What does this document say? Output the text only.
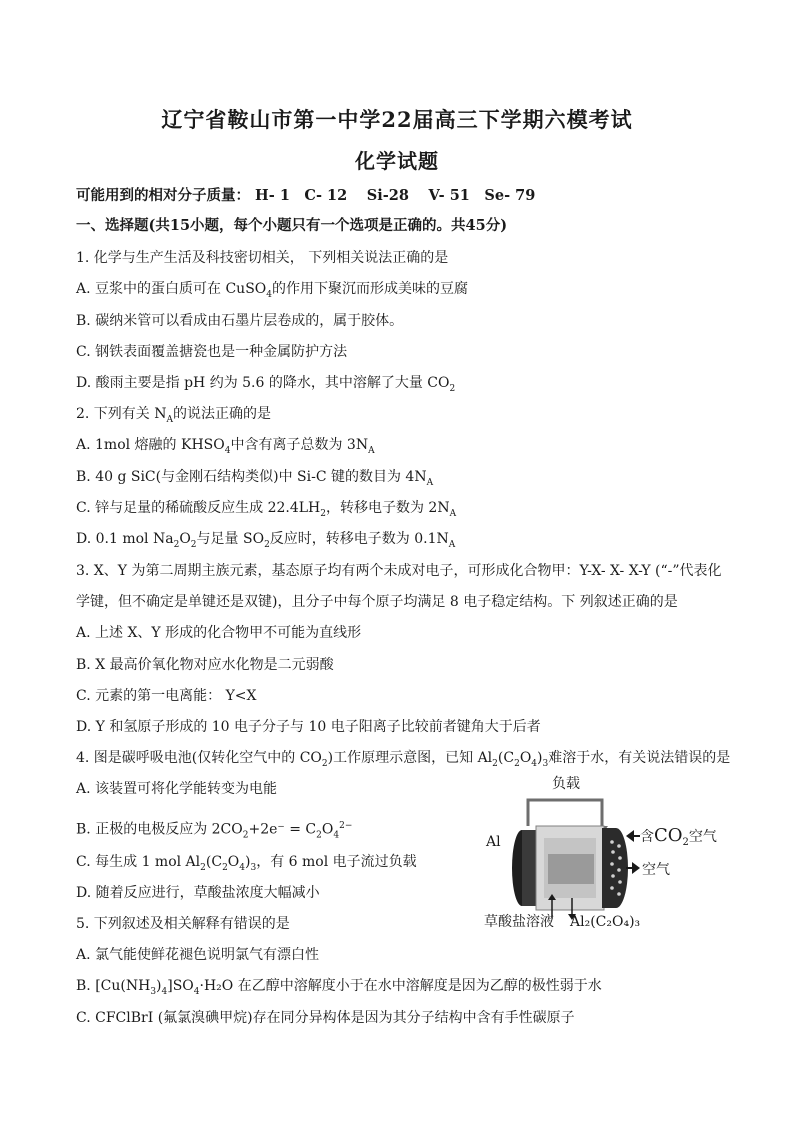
辽宁省鞍山市第一中学22届高三下学期六模考试
化学试题
可能用到的相对分子质量： H- 1　C- 12　 Si-28　 V- 51　Se- 79
一、选择题(共15小题，每个小题只有一个选项是正确的。共45分)
1. 化学与生产生活及科技密切相关， 下列相关说法正确的是
A. 豆浆中的蛋白质可在 CuSO$_4$的作用下聚沉而形成美味的豆腐
B. 碳纳米管可以看成由石墨片层卷成的，属于胶体。
C. 钢铁表面覆盖搪瓷也是一种金属防护方法
D. 酸雨主要是指 pH 约为 5.6 的降水，其中溶解了大量 $CO_2$
2. 下列有关 $N_A$的说法正确的是
A. 1mol 熔融的 $KHSO_4$中含有离子总数为 $3N_A$
B. 40 g SiC(与金刚石结构类似)中 Si-C 键的数目为 $4N_A$
C. 锌与足量的稀硫酸反应生成 $22.4LH_2$，转移电子数为 $2N_A$
D. 0.1 mol $Na_2O_2$与足量 $SO_2$反应时，转移电子数为 $0.1N_A$
3. X、Y 为第二周期主族元素，基态原子均有两个未成对电子，可形成化合物甲：Y-X- X- X-Y (“-”代表化
学键，但不确定是单键还是双键)，且分子中每个原子均满足 8 电子稳定结构。下 列叙述正确的是
A. 上述 X、Y 形成的化合物甲不可能为直线形
B. X 最高价氧化物对应水化物是二元弱酸
C. 元素的第一电离能： Y<X
D. Y 和氢原子形成的 10 电子分子与 10 电子阳离子比较前者键角大于后者
4. 图是碳呼吸电池(仅转化空气中的 $CO_2$)工作原理示意图，已知 $Al_2(C_2O_4)_3$难溶于水，有关说法错误的是
A. 该装置可将化学能转变为电能
B. 正极的电极反应为 $2CO_2+2e^- = C_2O_4^{2-}$
C. 每生成 1 mol $Al_2(C_2O_4)_3$，有 6 mol 电子流过负载
D. 随着反应进行，草酸盐浓度大幅减小
负载
Al	含$CO_2$空气
空气
草酸盐溶液 Al₂(C₂O₄)₃
5. 下列叙述及相关解释有错误的是
A. 氯气能使鲜花褪色说明氯气有漂白性
B. $[Cu(NH_3)_4]SO_4\cdot H_2O$ 在乙醇中溶解度小于在水中溶解度是因为乙醇的极性弱于水
C. CFClBrI (氟氯溴碘甲烷)存在同分异构体是因为其分子结构中含有手性碳原子
